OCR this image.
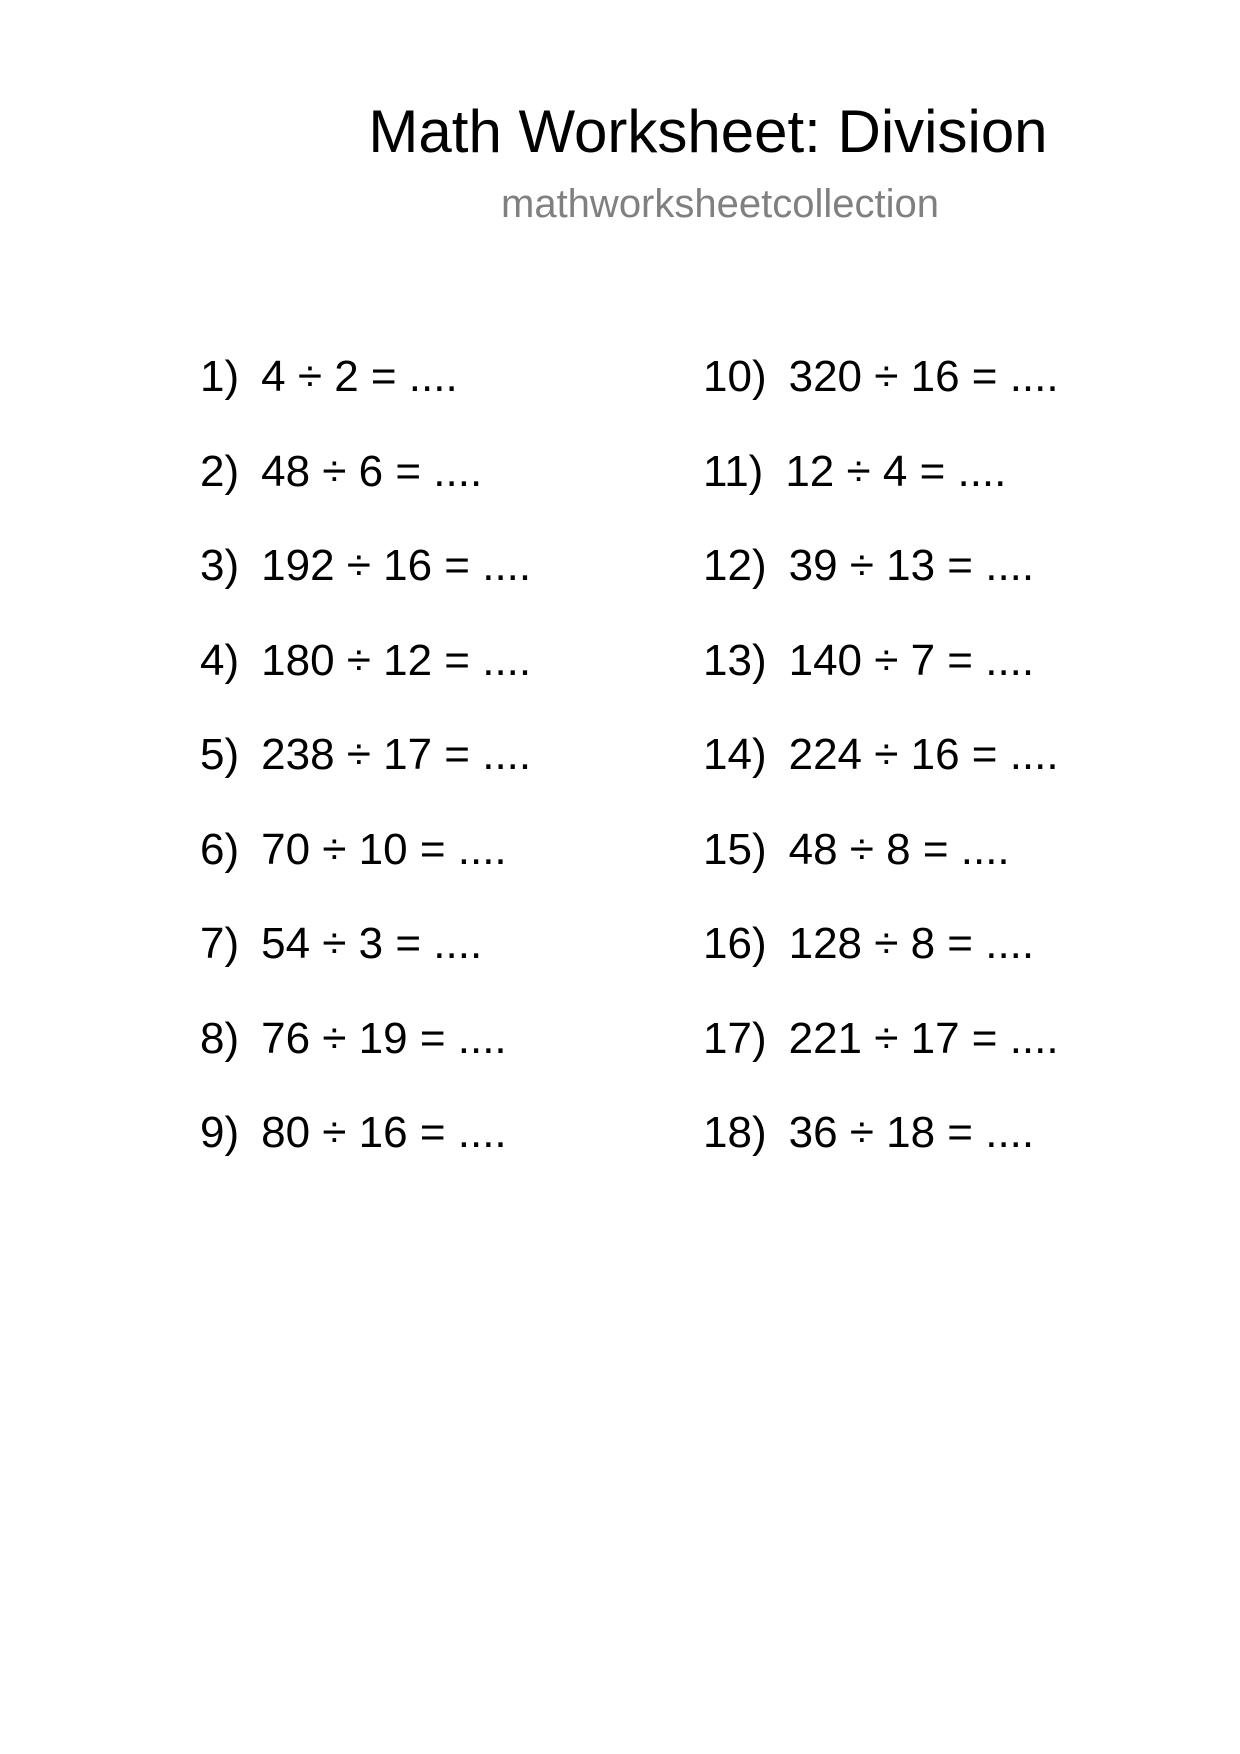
Math Worksheet: Division
mathworksheetcollection
1) 4 ÷ 2 = ....
2) 48 ÷ 6 = ....
3) 192 ÷ 16 = ....
4) 180 ÷ 12 = ....
5) 238 ÷ 17 = ....
6) 70 ÷ 10 = ....
7) 54 ÷ 3 = ....
8) 76 ÷ 19 = ....
9) 80 ÷ 16 = ....
10) 320 ÷ 16 = ....
11) 12 ÷ 4 = ....
12) 39 ÷ 13 = ....
13) 140 ÷ 7 = ....
14) 224 ÷ 16 = ....
15) 48 ÷ 8 = ....
16) 128 ÷ 8 = ....
17) 221 ÷ 17 = ....
18) 36 ÷ 18 = ....
